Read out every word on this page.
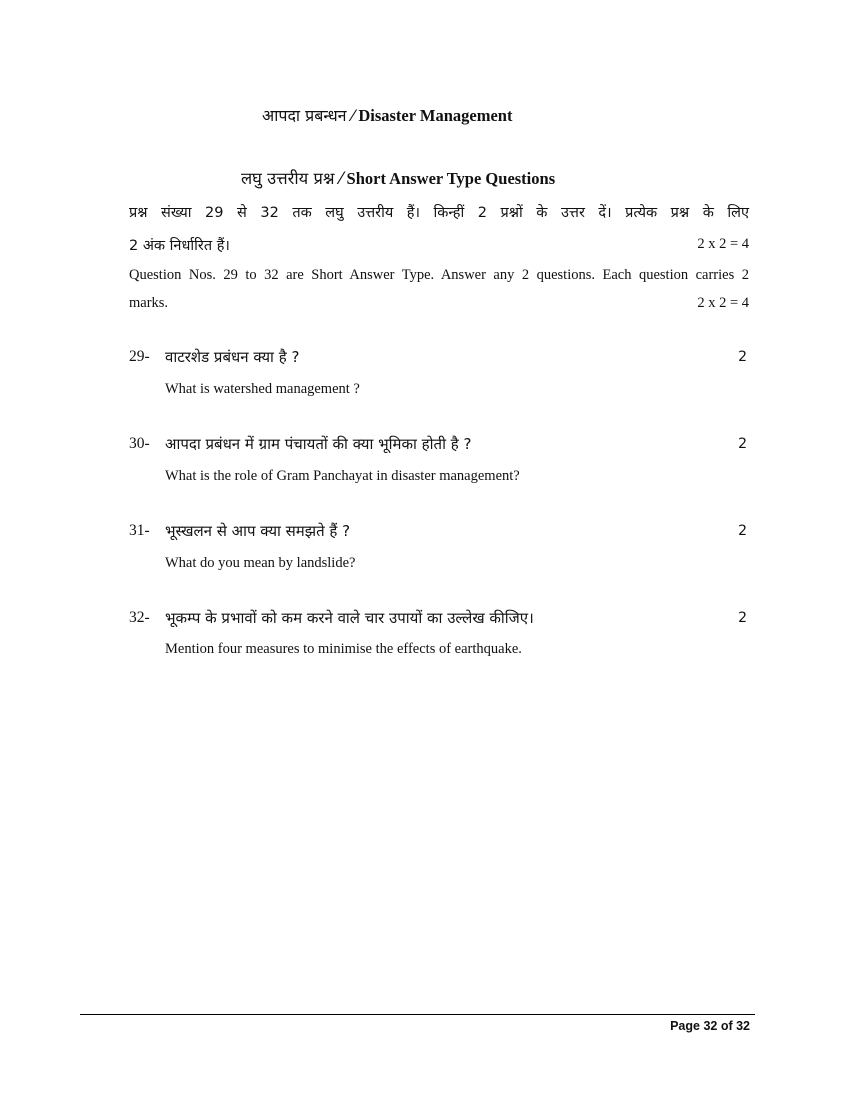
आपदा प्रबन्धन ⁄ Disaster Management
लघु उत्तरीय प्रश्न ⁄ Short Answer Type Questions
प्रश्न संख्या 29 से 32 तक लघु उत्तरीय हैं। किन्हीं 2 प्रश्नों के उत्तर दें। प्रत्येक प्रश्न के लिए
2 अंक निर्धारित हैं।	2 x 2 = 4
Question Nos. 29 to 32 are Short Answer Type. Answer any 2 questions. Each question carries 2
marks.	2 x 2 = 4
29- वाटरशेड प्रबंधन क्या है ?	2
What is watershed management ?
30- आपदा प्रबंधन में ग्राम पंचायतों की क्या भूमिका होती है ?	2
What is the role of Gram Panchayat in disaster management?
31- भूस्खलन से आप क्या समझते हैं ?	2
What do you mean by landslide?
32- भूकम्प के प्रभावों को कम करने वाले चार उपायों का उल्लेख कीजिए।	2
Mention four measures to minimise the effects of earthquake.
Page 32 of 32
